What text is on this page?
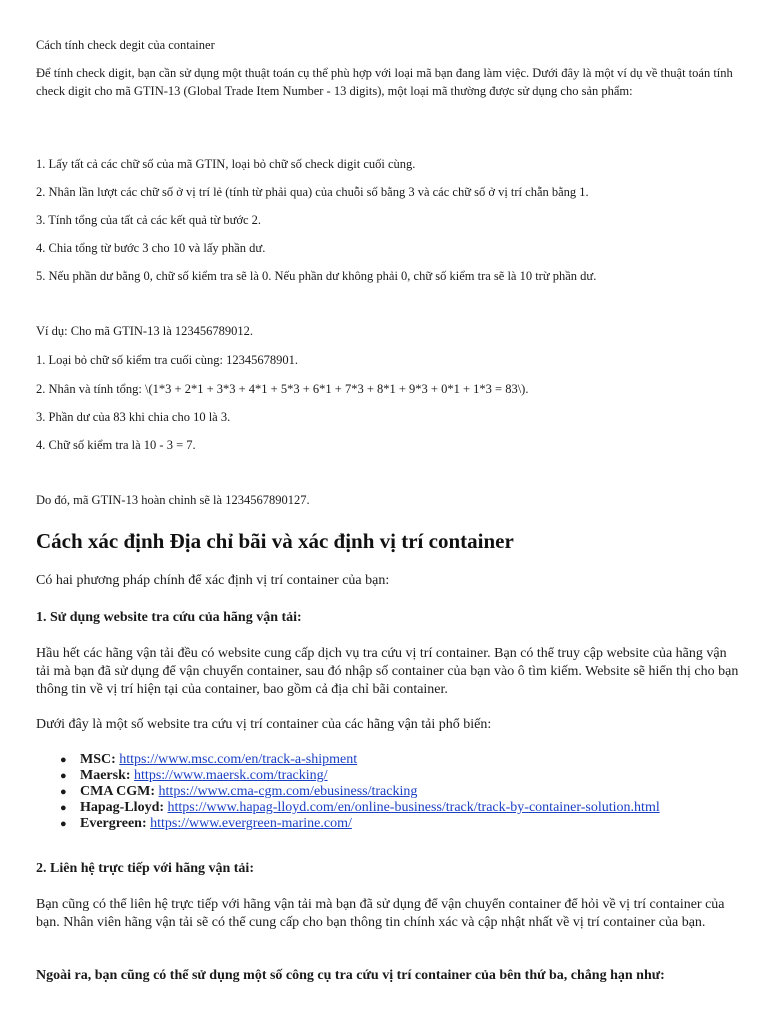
Cách tính check degit của container

Để tính check digit, bạn cần sử dụng một thuật toán cụ thể phù hợp với loại mã bạn đang làm việc. Dưới đây là một ví dụ về thuật toán tính check digit cho mã GTIN-13 (Global Trade Item Number - 13 digits), một loại mã thường được sử dụng cho sản phẩm:

1. Lấy tất cả các chữ số của mã GTIN, loại bỏ chữ số check digit cuối cùng.

2. Nhân lần lượt các chữ số ở vị trí lẻ (tính từ phải qua) của chuỗi số bằng 3 và các chữ số ở vị trí chẵn bằng 1.

3. Tính tổng của tất cả các kết quả từ bước 2.

4. Chia tổng từ bước 3 cho 10 và lấy phần dư.

5. Nếu phần dư bằng 0, chữ số kiểm tra sẽ là 0. Nếu phần dư không phải 0, chữ số kiểm tra sẽ là 10 trừ phần dư.

Ví dụ: Cho mã GTIN-13 là 123456789012.

1. Loại bỏ chữ số kiểm tra cuối cùng: 12345678901.

2. Nhân và tính tổng: \(1*3 + 2*1 + 3*3 + 4*1 + 5*3 + 6*1 + 7*3 + 8*1 + 9*3 + 0*1 + 1*3 = 83\).

3. Phần dư của 83 khi chia cho 10 là 3.

4. Chữ số kiểm tra là 10 - 3 = 7.

Do đó, mã GTIN-13 hoàn chỉnh sẽ là 1234567890127.

Cách xác định Địa chỉ bãi và xác định vị trí container

Có hai phương pháp chính để xác định vị trí container của bạn:

1. Sử dụng website tra cứu của hãng vận tải:

Hầu hết các hãng vận tải đều có website cung cấp dịch vụ tra cứu vị trí container. Bạn có thể truy cập website của hãng vận tải mà bạn đã sử dụng để vận chuyển container, sau đó nhập số container của bạn vào ô tìm kiếm. Website sẽ hiển thị cho bạn thông tin về vị trí hiện tại của container, bao gồm cả địa chỉ bãi container.

Dưới đây là một số website tra cứu vị trí container của các hãng vận tải phổ biến:

● MSC: https://www.msc.com/en/track-a-shipment
● Maersk: https://www.maersk.com/tracking/
● CMA CGM: https://www.cma-cgm.com/ebusiness/tracking
● Hapag-Lloyd: https://www.hapag-lloyd.com/en/online-business/track/track-by-container-solution.html
● Evergreen: https://www.evergreen-marine.com/

2. Liên hệ trực tiếp với hãng vận tải:

Bạn cũng có thể liên hệ trực tiếp với hãng vận tải mà bạn đã sử dụng để vận chuyển container để hỏi về vị trí container của bạn. Nhân viên hãng vận tải sẽ có thể cung cấp cho bạn thông tin chính xác và cập nhật nhất về vị trí container của bạn.

Ngoài ra, bạn cũng có thể sử dụng một số công cụ tra cứu vị trí container của bên thứ ba, chẳng hạn như:
